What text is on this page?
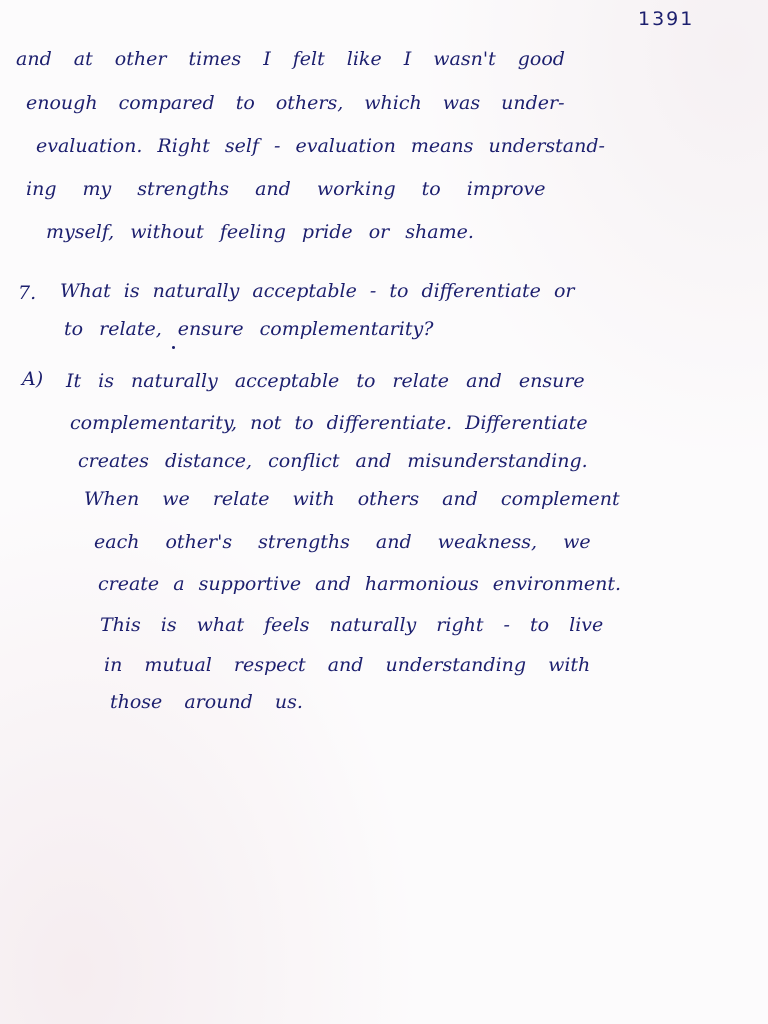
1391
and at other times I felt like I wasn't good
enough compared to others, which was under-
evaluation. Right self - evaluation means understand-
ing my strengths and working to improve
myself, without feeling pride or shame.
7. What is naturally acceptable - to differentiate or
to relate, ensure complementarity?
A) It is naturally acceptable to relate and ensure
complementarity, not to differentiate. Differentiate
creates distance, conflict and misunderstanding.
When we relate with others and complement
each other's strengths and weakness, we
create a supportive and harmonious environment.
This is what feels naturally right - to live
in mutual respect and understanding with
those around us.
